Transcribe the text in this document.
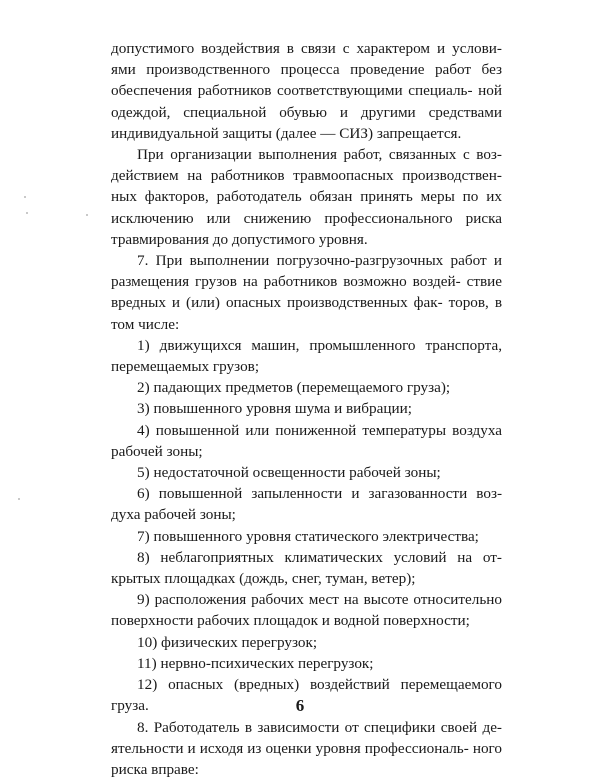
допустимого воздействия в связи с характером и услови- ями производственного процесса проведение работ без обеспечения работников соответствующими специаль- ной одеждой, специальной обувью и другими средствами индивидуальной защиты (далее — СИЗ) запрещается.

При организации выполнения работ, связанных с воз- действием на работников травмоопасных производствен- ных факторов, работодатель обязан принять меры по их исключению или снижению профессионального риска травмирования до допустимого уровня.

7. При выполнении погрузочно-разгрузочных работ и размещения грузов на работников возможно воздей- ствие вредных и (или) опасных производственных фак- торов, в том числе:

1) движущихся машин, промышленного транспорта, перемещаемых грузов;

2) падающих предметов (перемещаемого груза);

3) повышенного уровня шума и вибрации;

4) повышенной или пониженной температуры воздуха рабочей зоны;

5) недостаточной освещенности рабочей зоны;

6) повышенной запыленности и загазованности воз- духа рабочей зоны;

7) повышенного уровня статического электричества;

8) неблагоприятных климатических условий на от- крытых площадках (дождь, снег, туман, ветер);

9) расположения рабочих мест на высоте относительно поверхности рабочих площадок и водной поверхности;

10) физических перегрузок;

11) нервно-психических перегрузок;

12) опасных (вредных) воздействий перемещаемого груза.

8. Работодатель в зависимости от специфики своей де- ятельности и исходя из оценки уровня профессиональ- ного риска вправе:

6
